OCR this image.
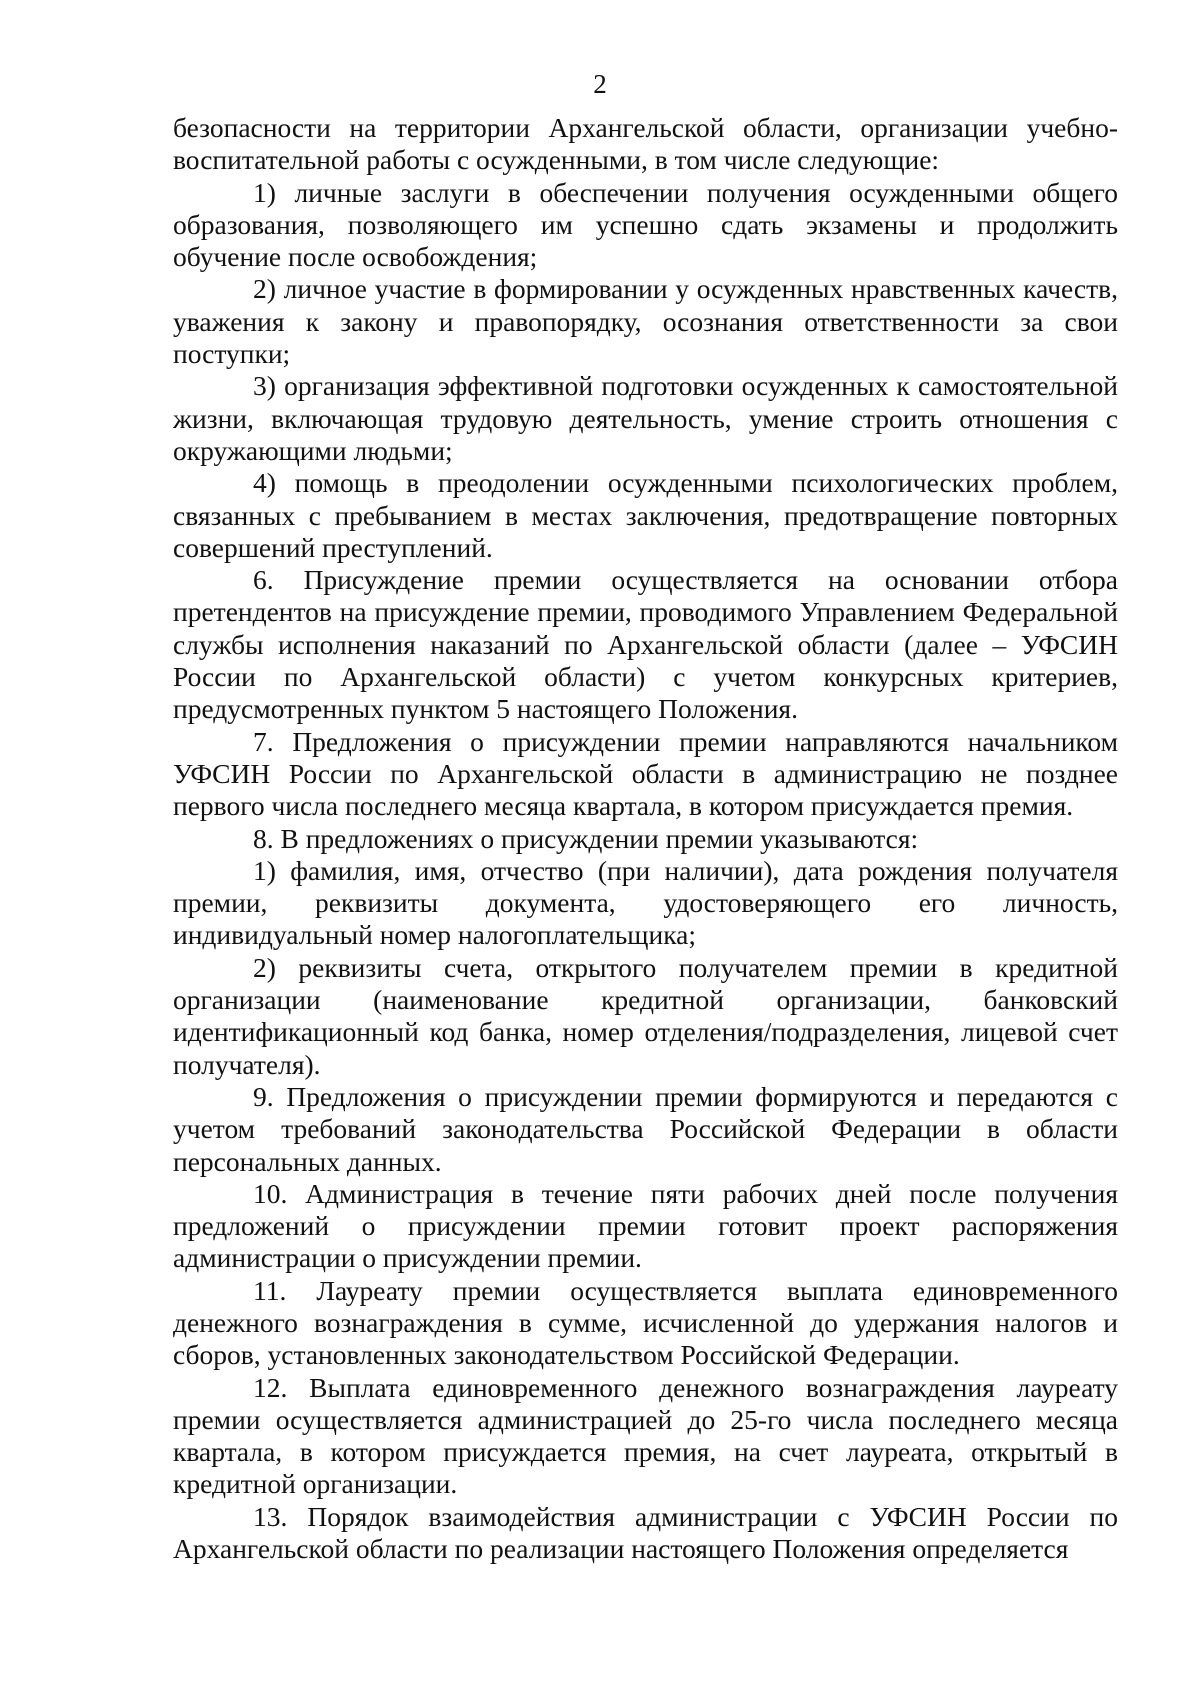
2

безопасности на территории Архангельской области, организации учебно-воспитательной работы с осужденными, в том числе следующие:

1) личные заслуги в обеспечении получения осужденными общего образования, позволяющего им успешно сдать экзамены и продолжить обучение после освобождения;

2) личное участие в формировании у осужденных нравственных качеств, уважения к закону и правопорядку, осознания ответственности за свои поступки;

3) организация эффективной подготовки осужденных к самостоятельной жизни, включающая трудовую деятельность, умение строить отношения с окружающими людьми;

4) помощь в преодолении осужденными психологических проблем, связанных с пребыванием в местах заключения, предотвращение повторных совершений преступлений.

6. Присуждение премии осуществляется на основании отбора претендентов на присуждение премии, проводимого Управлением Федеральной службы исполнения наказаний по Архангельской области (далее – УФСИН России по Архангельской области) с учетом конкурсных критериев, предусмотренных пунктом 5 настоящего Положения.

7. Предложения о присуждении премии направляются начальником УФСИН России по Архангельской области в администрацию не позднее первого числа последнего месяца квартала, в котором присуждается премия.

8. В предложениях о присуждении премии указываются:

1) фамилия, имя, отчество (при наличии), дата рождения получателя премии, реквизиты документа, удостоверяющего его личность, индивидуальный номер налогоплательщика;

2) реквизиты счета, открытого получателем премии в кредитной организации (наименование кредитной организации, банковский идентификационный код банка, номер отделения/подразделения, лицевой счет получателя).

9. Предложения о присуждении премии формируются и передаются с учетом требований законодательства Российской Федерации в области персональных данных.

10. Администрация в течение пяти рабочих дней после получения предложений о присуждении премии готовит проект распоряжения администрации о присуждении премии.

11. Лауреату премии осуществляется выплата единовременного денежного вознаграждения в сумме, исчисленной до удержания налогов и сборов, установленных законодательством Российской Федерации.

12. Выплата единовременного денежного вознаграждения лауреату премии осуществляется администрацией до 25-го числа последнего месяца квартала, в котором присуждается премия, на счет лауреата, открытый в кредитной организации.

13. Порядок взаимодействия администрации с УФСИН России по Архангельской области по реализации настоящего Положения определяется
